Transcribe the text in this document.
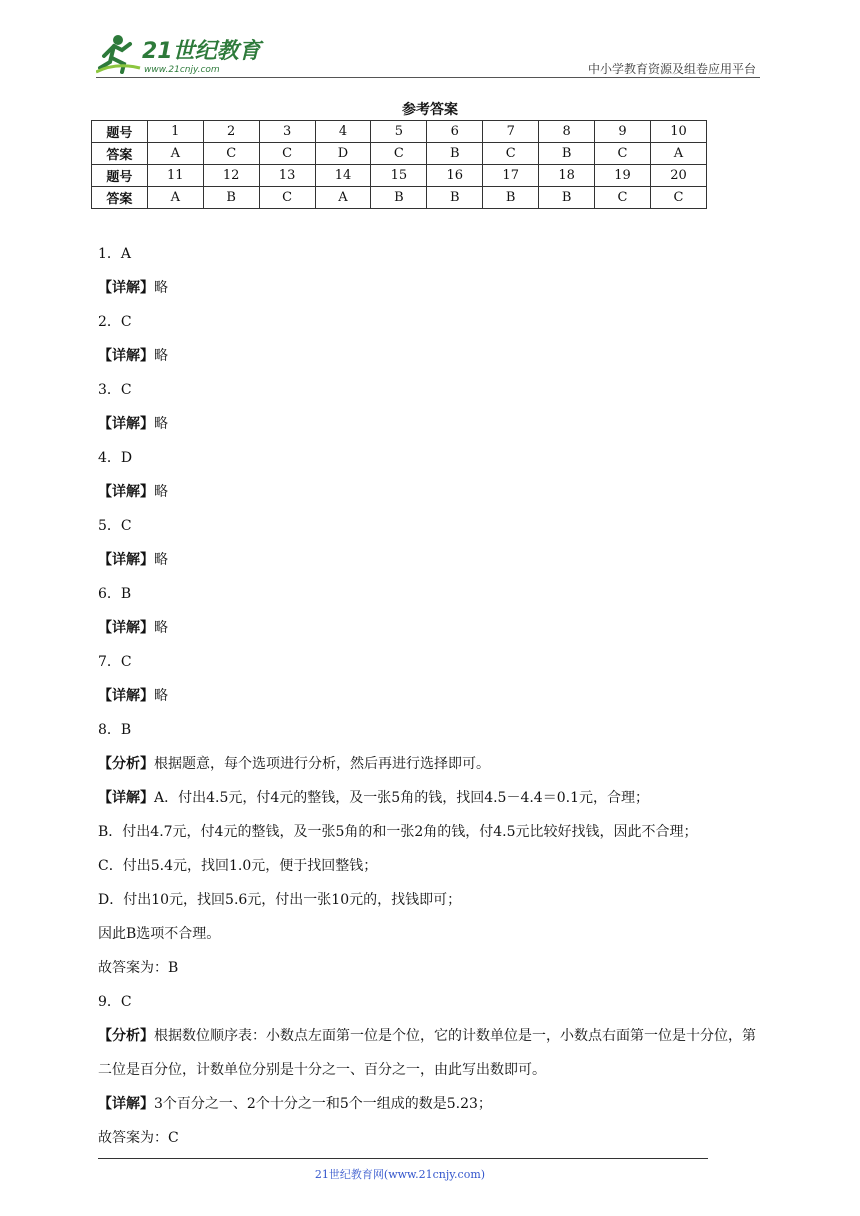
21世纪教育
www.21cnjy.com	中小学教育资源及组卷应用平台
参考答案
题号	1	2	3	4	5	6	7	8	9	10
答案	A	C	C	D	C	B	C	B	C	A
题号	11	12	13	14	15	16	17	18	19	20
答案	A	B	C	A	B	B	B	B	C	C
1．A
【详解】略
2．C
【详解】略
3．C
【详解】略
4．D
【详解】略
5．C
【详解】略
6．B
【详解】略
7．C
【详解】略
8．B
【分析】根据题意，每个选项进行分析，然后再进行选择即可。
【详解】A．付出4.5元，付4元的整钱，及一张5角的钱，找回4.5－4.4＝0.1元，合理；
B．付出4.7元，付4元的整钱，及一张5角的和一张2角的钱，付4.5元比较好找钱，因此不合理；
C．付出5.4元，找回1.0元，便于找回整钱；
D．付出10元，找回5.6元，付出一张10元的，找钱即可；
因此B选项不合理。
故答案为：B
9．C
【分析】根据数位顺序表：小数点左面第一位是个位，它的计数单位是一，小数点右面第一位是十分位，第二位是百分位，计数单位分别是十分之一、百分之一，由此写出数即可。
【详解】3个百分之一、2个十分之一和5个一组成的数是5.23；
故答案为：C
21世纪教育网(www.21cnjy.com)
